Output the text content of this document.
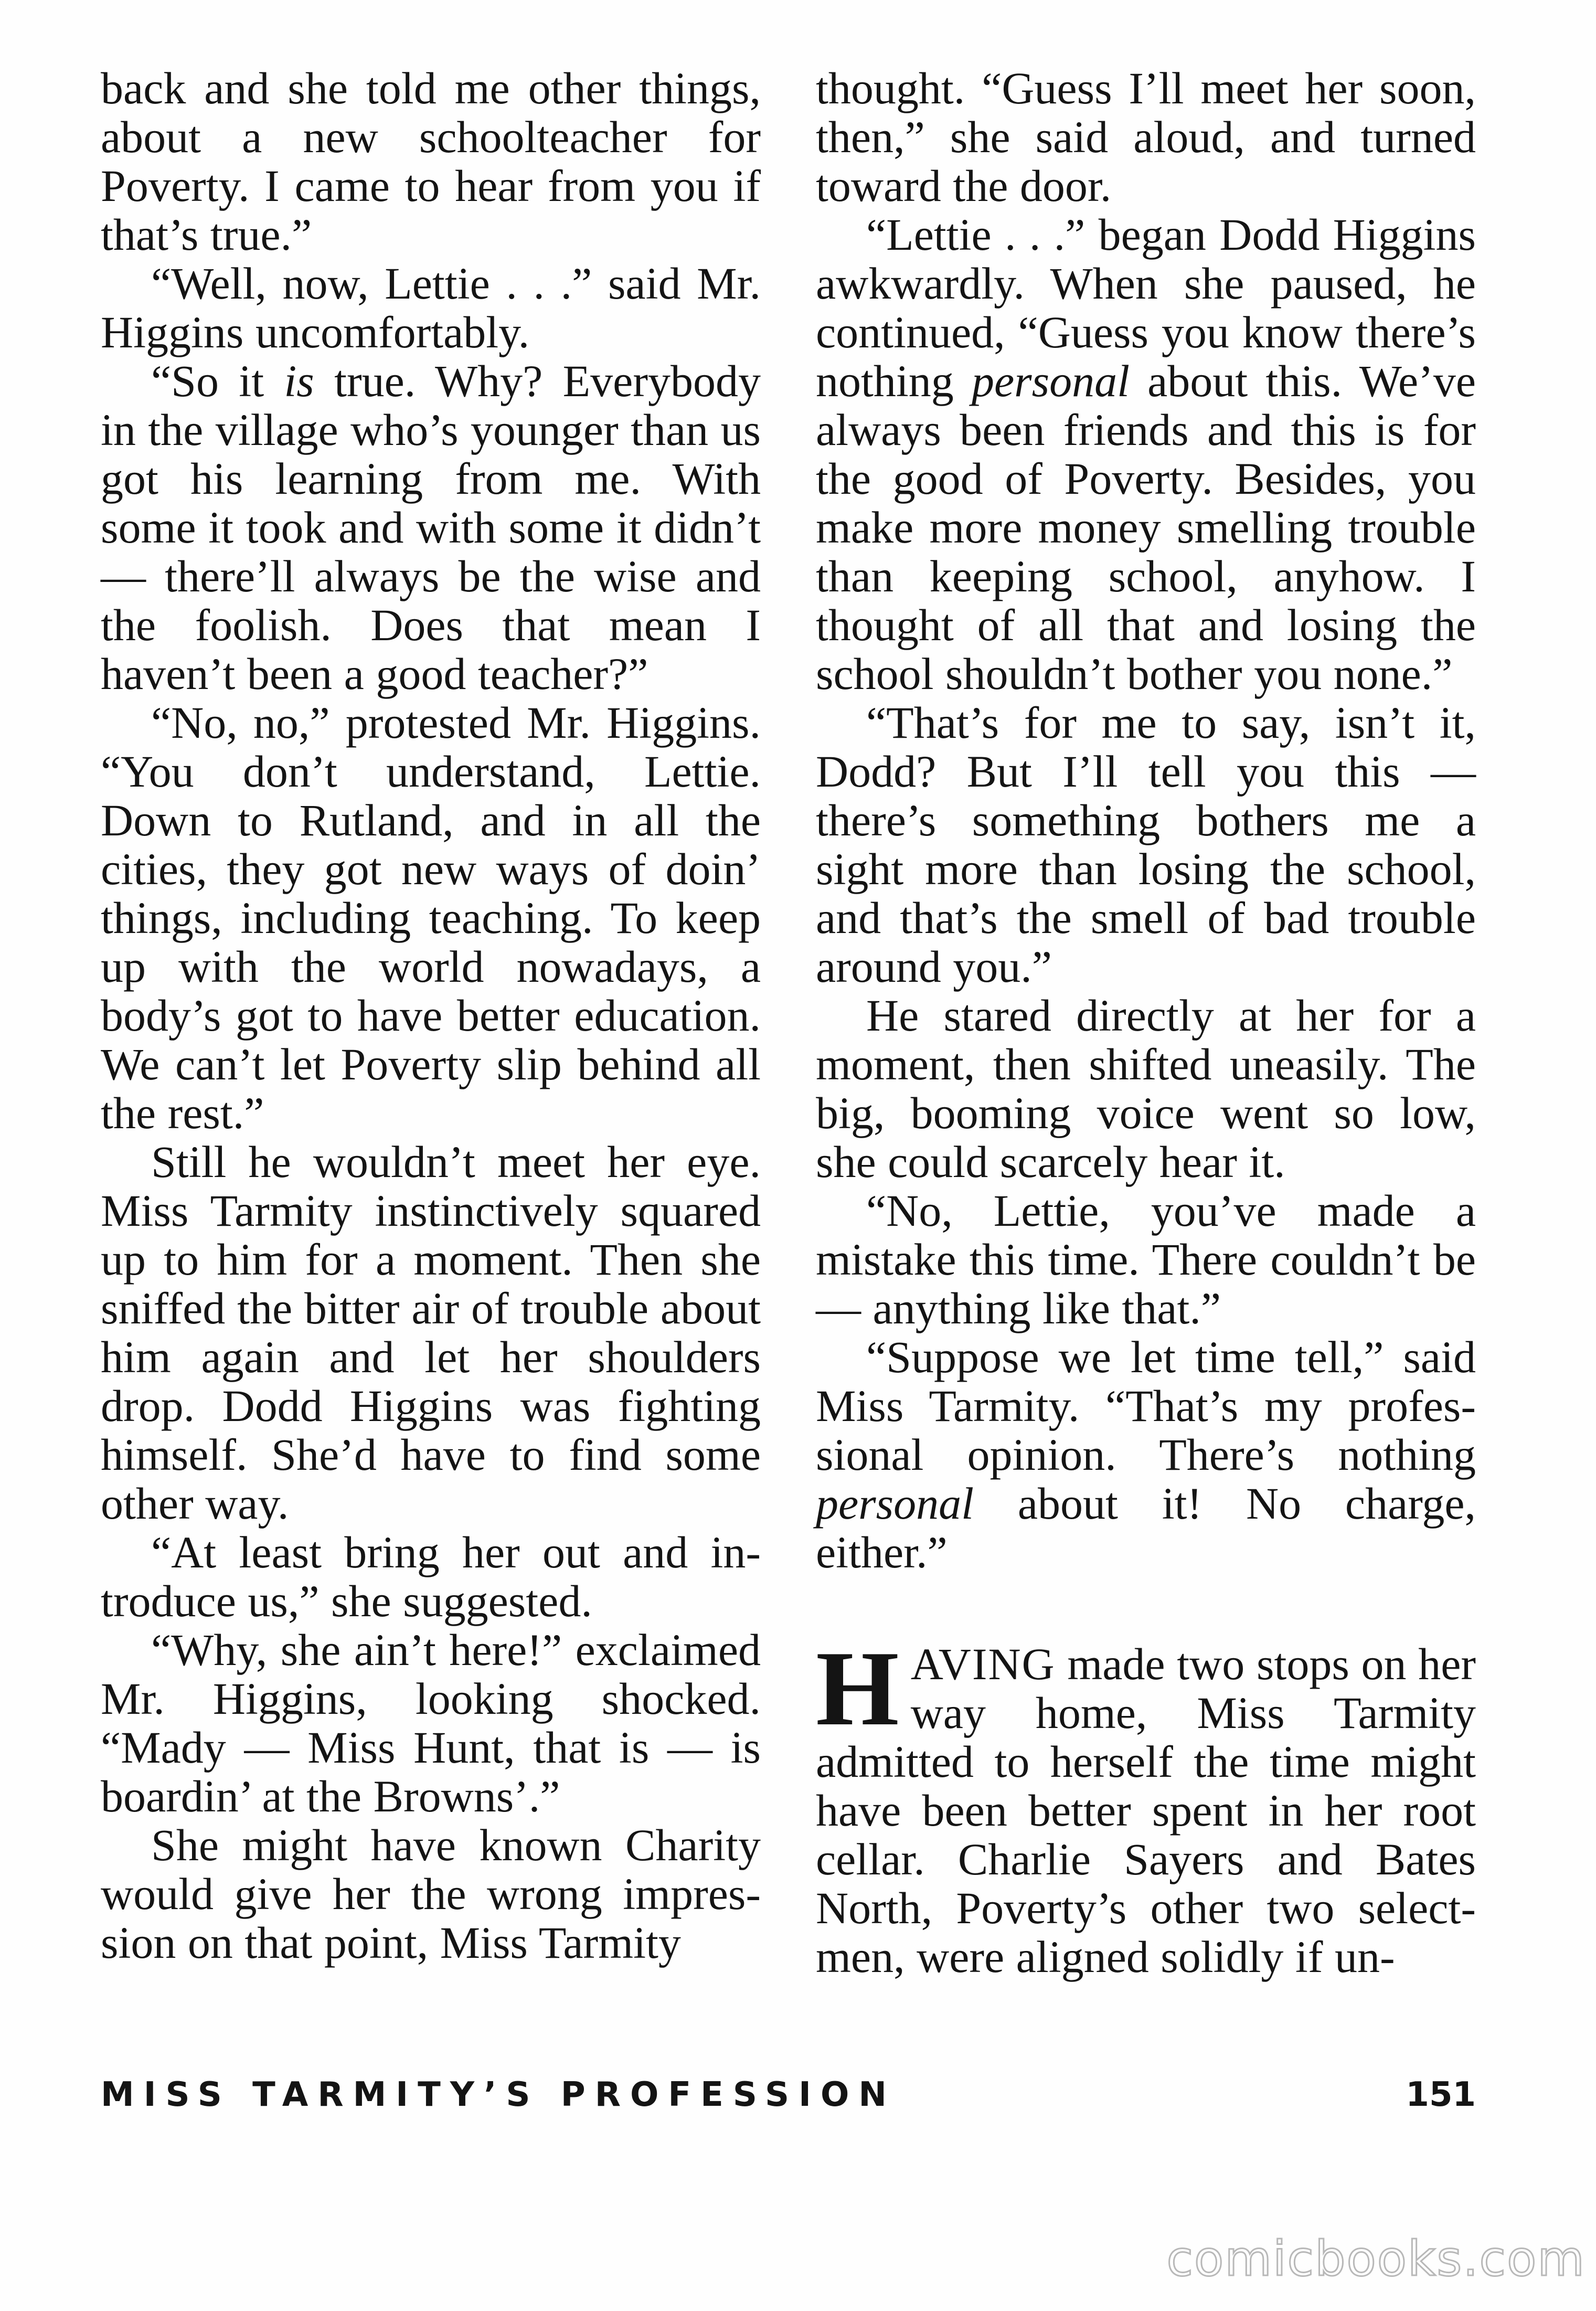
back and she told me other things, about a new schoolteacher for Poverty. I came to hear from you if that’s true.”

“Well, now, Lettie . . .” said Mr. Higgins uncomfortably.

“So it is true. Why? Everybody in the village who’s younger than us got his learning from me. With some it took and with some it didn’t — there’ll always be the wise and the foolish. Does that mean I haven’t been a good teacher?”

“No, no,” protested Mr. Higgins. “You don’t understand, Lettie. Down to Rutland, and in all the cities, they got new ways of doin’ things, including teaching. To keep up with the world nowadays, a body’s got to have better education. We can’t let Poverty slip behind all the rest.”

Still he wouldn’t meet her eye. Miss Tarmity instinctively squared up to him for a moment. Then she sniffed the bitter air of trouble about him again and let her shoulders drop. Dodd Higgins was fighting himself. She’d have to find some other way.

“At least bring her out and introduce us,” she suggested.

“Why, she ain’t here!” exclaimed Mr. Higgins, looking shocked. “Mady — Miss Hunt, that is — is boardin’ at the Browns’.”

She might have known Charity would give her the wrong impression on that point, Miss Tarmity

thought. “Guess I’ll meet her soon, then,” she said aloud, and turned toward the door.

“Lettie . . .” began Dodd Higgins awkwardly. When she paused, he continued, “Guess you know there’s nothing personal about this. We’ve always been friends and this is for the good of Poverty. Besides, you make more money smelling trouble than keeping school, anyhow. I thought of all that and losing the school shouldn’t bother you none.”

“That’s for me to say, isn’t it, Dodd? But I’ll tell you this — there’s something bothers me a sight more than losing the school, and that’s the smell of bad trouble around you.”

He stared directly at her for a moment, then shifted uneasily. The big, booming voice went so low, she could scarcely hear it.

“No, Lettie, you’ve made a mistake this time. There couldn’t be — anything like that.”

“Suppose we let time tell,” said Miss Tarmity. “That’s my professional opinion. There’s nothing personal about it! No charge, either.”

HAVING made two stops on her way home, Miss Tarmity admitted to herself the time might have been better spent in her root cellar. Charlie Sayers and Bates North, Poverty’s other two selectmen, were aligned solidly if un-

MISS TARMITY’S PROFESSION	151
comicbooks.com
